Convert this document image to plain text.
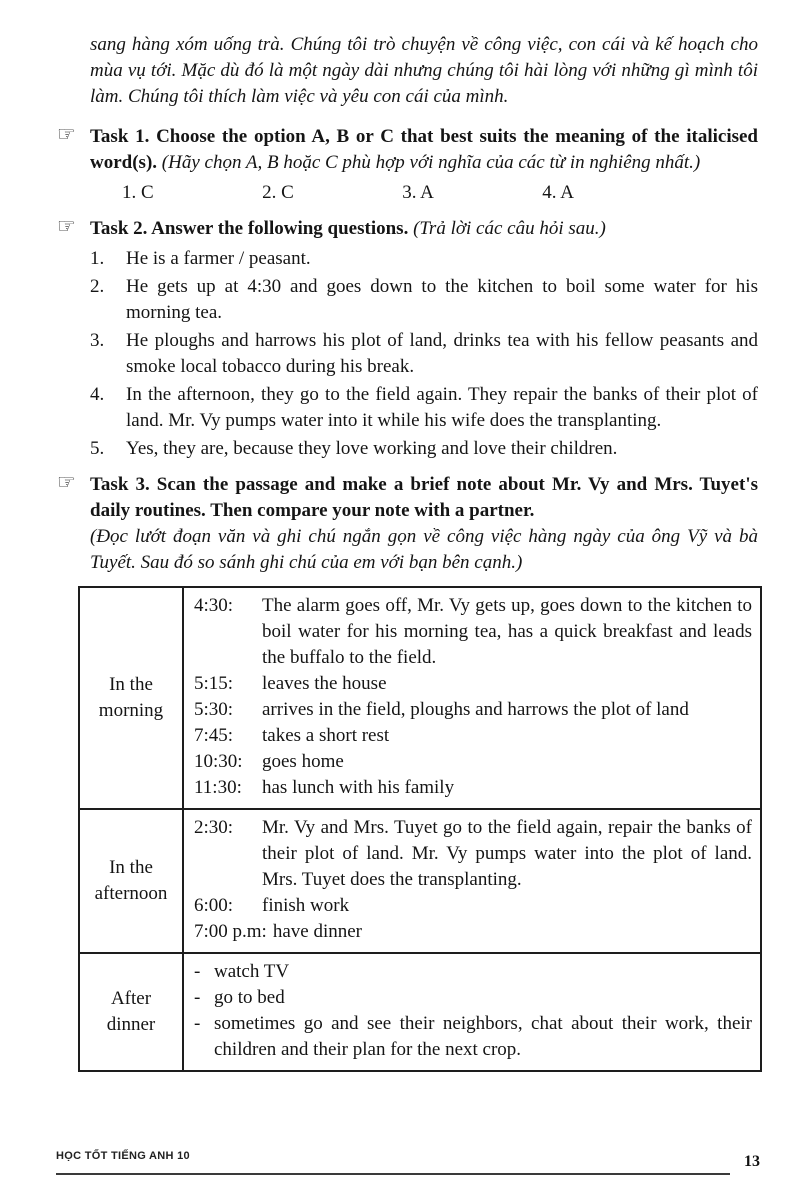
sang hàng xóm uống trà. Chúng tôi trò chuyện về công việc, con cái và kế hoạch cho mùa vụ tới. Mặc dù đó là một ngày dài nhưng chúng tôi hài lòng với những gì mình tôi làm. Chúng tôi thích làm việc và yêu con cái của mình.

☞ Task 1. Choose the option A, B or C that best suits the meaning of the italicised word(s). (Hãy chọn A, B hoặc C phù hợp với nghĩa của các từ in nghiêng nhất.)
1. C	2. C	3. A	4. A
☞ Task 2. Answer the following questions. (Trả lời các câu hỏi sau.)
1.	He is a farmer / peasant.
2.	He gets up at 4:30 and goes down to the kitchen to boil some water for his morning tea.
3.	He ploughs and harrows his plot of land, drinks tea with his fellow peasants and smoke local tobacco during his break.
4.	In the afternoon, they go to the field again. They repair the banks of their plot of land. Mr. Vy pumps water into it while his wife does the transplanting.
5.	Yes, they are, because they love working and love their children.
☞ Task 3. Scan the passage and make a brief note about Mr. Vy and Mrs. Tuyet's daily routines. Then compare your note with a partner.
(Đọc lướt đoạn văn và ghi chú ngắn gọn về công việc hàng ngày của ông Vỹ và bà Tuyết. Sau đó so sánh ghi chú của em với bạn bên cạnh.)
In the morning	
4:30:	The alarm goes off, Mr. Vy gets up, goes down to the kitchen to boil water for his morning tea, has a quick breakfast and leads the buffalo to the field.
5:15:	leaves the house
5:30:	arrives in the field, ploughs and harrows the plot of land
7:45:	takes a short rest
10:30:	goes home
11:30:	has lunch with his family

In the afternoon	
2:30:	Mr. Vy and Mrs. Tuyet go to the field again, repair the banks of their plot of land. Mr. Vy pumps water into the plot of land. Mrs. Tuyet does the transplanting.
6:00:	finish work
7:00 p.m: have dinner

After dinner	
- watch TV
- go to bed
- sometimes go and see their neighbors, chat about their work, their children and their plan for the next crop.
HỌC TỐT TIẾNG ANH 10	13
